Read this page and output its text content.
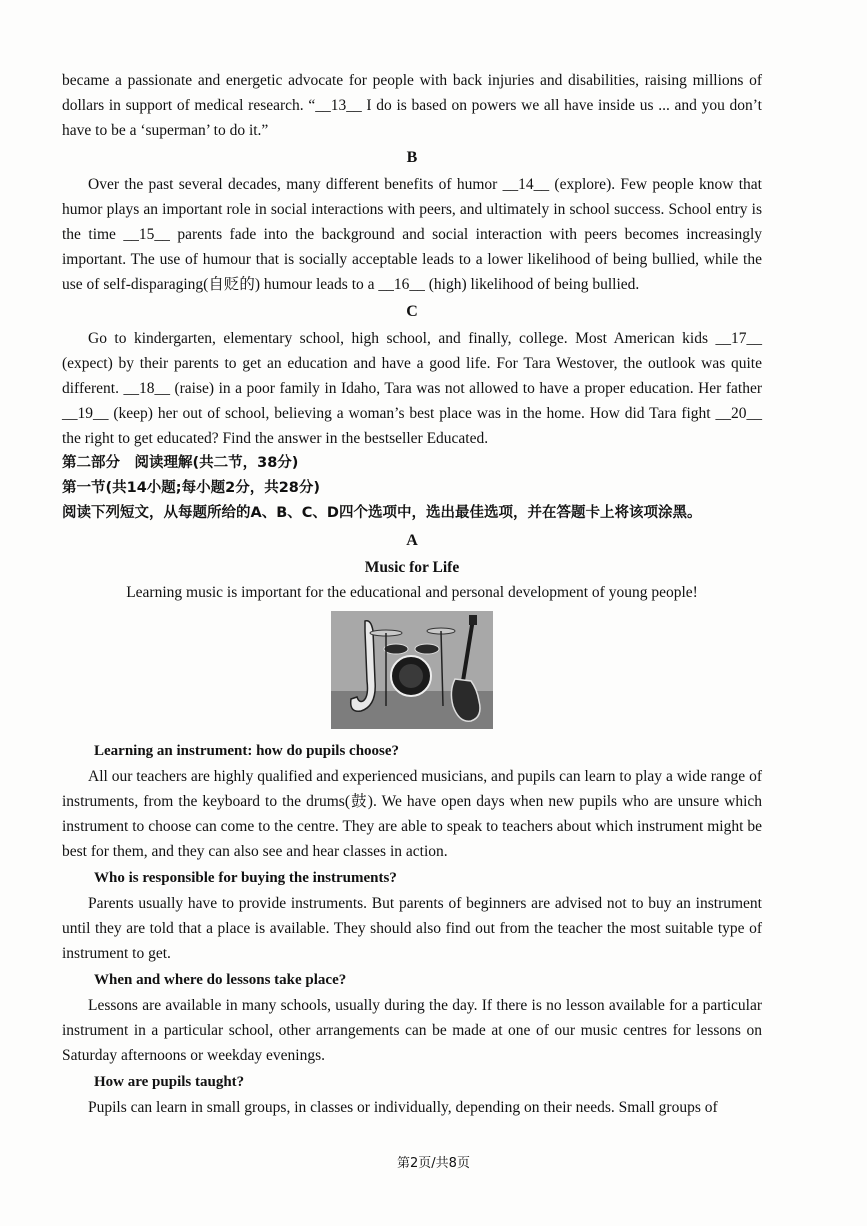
became a passionate and energetic advocate for people with back injuries and disabilities, raising millions of dollars in support of medical research. “__13__ I do is based on powers we all have inside us ... and you don’t have to be a ‘superman’ to do it.”

B

Over the past several decades, many different benefits of humor __14__ (explore). Few people know that humor plays an important role in social interactions with peers, and ultimately in school success. School entry is the time __15__ parents fade into the background and social interaction with peers becomes increasingly important. The use of humour that is socially acceptable leads to a lower likelihood of being bullied, while the use of self-disparaging(自贬的) humour leads to a __16__ (high) likelihood of being bullied.

C

Go to kindergarten, elementary school, high school, and finally, college. Most American kids __17__ (expect) by their parents to get an education and have a good life. For Tara Westover, the outlook was quite different. __18__ (raise) in a poor family in Idaho, Tara was not allowed to have a proper education. Her father __19__ (keep) her out of school, believing a woman’s best place was in the home. How did Tara fight __20__ the right to get educated? Find the answer in the bestseller Educated.

第二部分　阅读理解(共二节，38分)
第一节(共14小题;每小题2分，共28分)
阅读下列短文，从每题所给的A、B、C、D四个选项中，选出最佳选项，并在答题卡上将该项涂黑。
A
Music for Life

Learning music is important for the educational and personal development of young people!

Learning an instrument: how do pupils choose?

All our teachers are highly qualified and experienced musicians, and pupils can learn to play a wide range of instruments, from the keyboard to the drums(鼓). We have open days when new pupils who are unsure which instrument to choose can come to the centre. They are able to speak to teachers about which instrument might be best for them, and they can also see and hear classes in action.

Who is responsible for buying the instruments?

Parents usually have to provide instruments. But parents of beginners are advised not to buy an instrument until they are told that a place is available. They should also find out from the teacher the most suitable type of instrument to get.

When and where do lessons take place?

Lessons are available in many schools, usually during the day. If there is no lesson available for a particular instrument in a particular school, other arrangements can be made at one of our music centres for lessons on Saturday afternoons or weekday evenings.

How are pupils taught?

Pupils can learn in small groups, in classes or individually, depending on their needs. Small groups of

第2页/共8页
